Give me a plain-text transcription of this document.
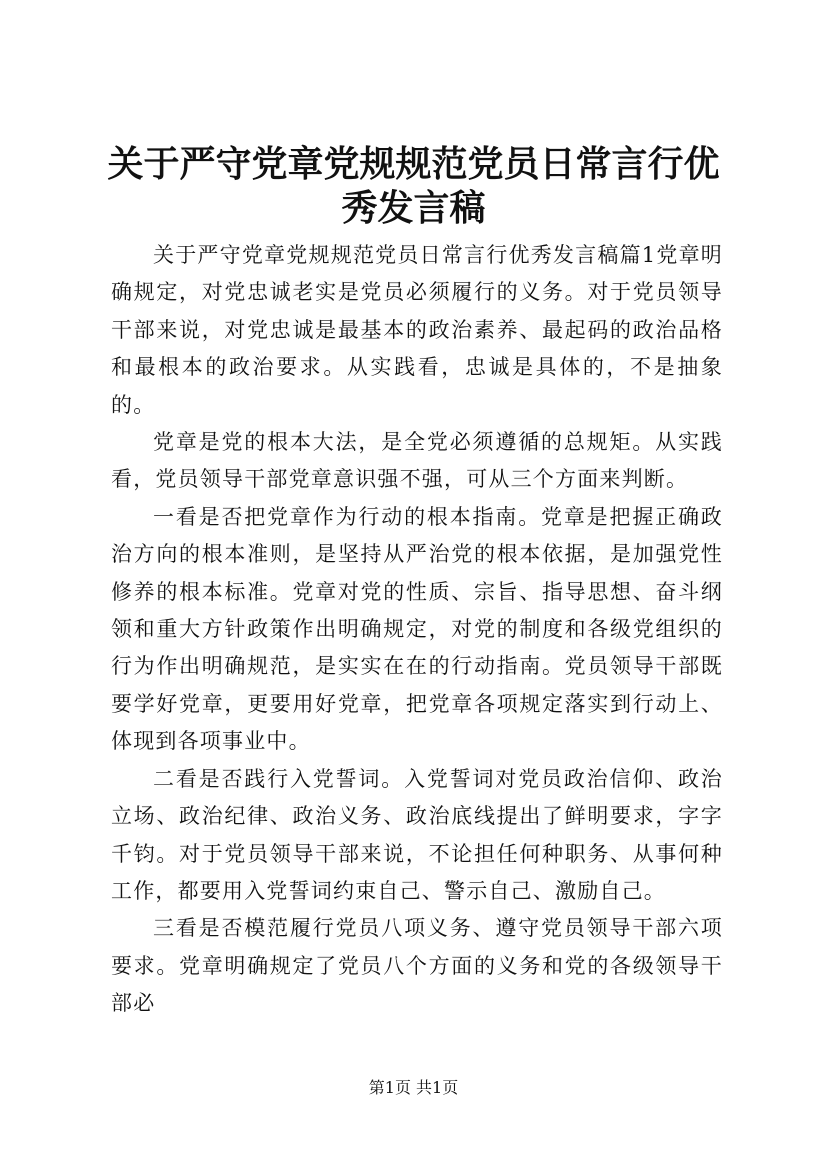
关于严守党章党规规范党员日常言行优秀发言稿

关于严守党章党规规范党员日常言行优秀发言稿篇1党章明确规定，对党忠诚老实是党员必须履行的义务。对于党员领导干部来说，对党忠诚是最基本的政治素养、最起码的政治品格和最根本的政治要求。从实践看，忠诚是具体的，不是抽象的。

党章是党的根本大法，是全党必须遵循的总规矩。从实践看，党员领导干部党章意识强不强，可从三个方面来判断。

一看是否把党章作为行动的根本指南。党章是把握正确政治方向的根本准则，是坚持从严治党的根本依据，是加强党性修养的根本标准。党章对党的性质、宗旨、指导思想、奋斗纲领和重大方针政策作出明确规定，对党的制度和各级党组织的行为作出明确规范，是实实在在的行动指南。党员领导干部既要学好党章，更要用好党章，把党章各项规定落实到行动上、体现到各项事业中。

二看是否践行入党誓词。入党誓词对党员政治信仰、政治立场、政治纪律、政治义务、政治底线提出了鲜明要求，字字千钧。对于党员领导干部来说，不论担任何种职务、从事何种工作，都要用入党誓词约束自己、警示自己、激励自己。

三看是否模范履行党员八项义务、遵守党员领导干部六项要求。党章明确规定了党员八个方面的义务和党的各级领导干部必

第1页 共1页
